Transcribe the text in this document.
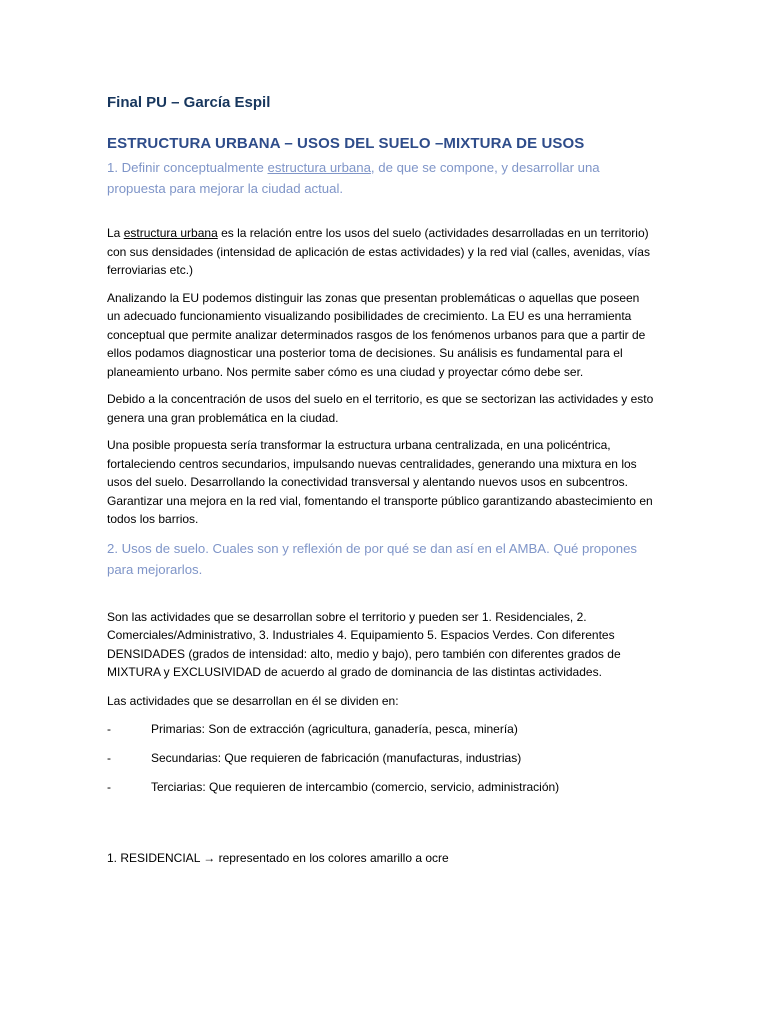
Final PU – García Espil
ESTRUCTURA URBANA – USOS DEL SUELO –MIXTURA DE USOS

1. Definir conceptualmente estructura urbana, de que se compone, y desarrollar una propuesta para mejorar la ciudad actual.

La estructura urbana es la relación entre los usos del suelo (actividades desarrolladas en un territorio) con sus densidades (intensidad de aplicación de estas actividades) y la red vial (calles, avenidas, vías ferroviarias etc.)

Analizando la EU podemos distinguir las zonas que presentan problemáticas o aquellas que poseen un adecuado funcionamiento visualizando posibilidades de crecimiento. La EU es una herramienta conceptual que permite analizar determinados rasgos de los fenómenos urbanos para que a partir de ellos podamos diagnosticar una posterior toma de decisiones. Su análisis es fundamental para el planeamiento urbano. Nos permite saber cómo es una ciudad y proyectar cómo debe ser.

Debido a la concentración de usos del suelo en el territorio, es que se sectorizan las actividades y esto genera una gran problemática en la ciudad.

Una posible propuesta sería transformar la estructura urbana centralizada, en una policéntrica, fortaleciendo centros secundarios, impulsando nuevas centralidades, generando una mixtura en los usos del suelo. Desarrollando la conectividad transversal y alentando nuevos usos en subcentros. Garantizar una mejora en la red vial, fomentando el transporte público garantizando abastecimiento en todos los barrios.

2. Usos de suelo. Cuales son y reflexión de por qué se dan así en el AMBA. Qué propones para mejorarlos.

Son las actividades que se desarrollan sobre el territorio y pueden ser 1. Residenciales, 2. Comerciales/Administrativo, 3. Industriales 4. Equipamiento 5. Espacios Verdes. Con diferentes DENSIDADES (grados de intensidad: alto, medio y bajo), pero también con diferentes grados de MIXTURA y EXCLUSIVIDAD de acuerdo al grado de dominancia de las distintas actividades.

Las actividades que se desarrollan en él se dividen en:

-	Primarias: Son de extracción (agricultura, ganadería, pesca, minería)
-	Secundarias: Que requieren de fabricación (manufacturas, industrias)
-	Terciarias: Que requieren de intercambio (comercio, servicio, administración)

1. RESIDENCIAL → representado en los colores amarillo a ocre
